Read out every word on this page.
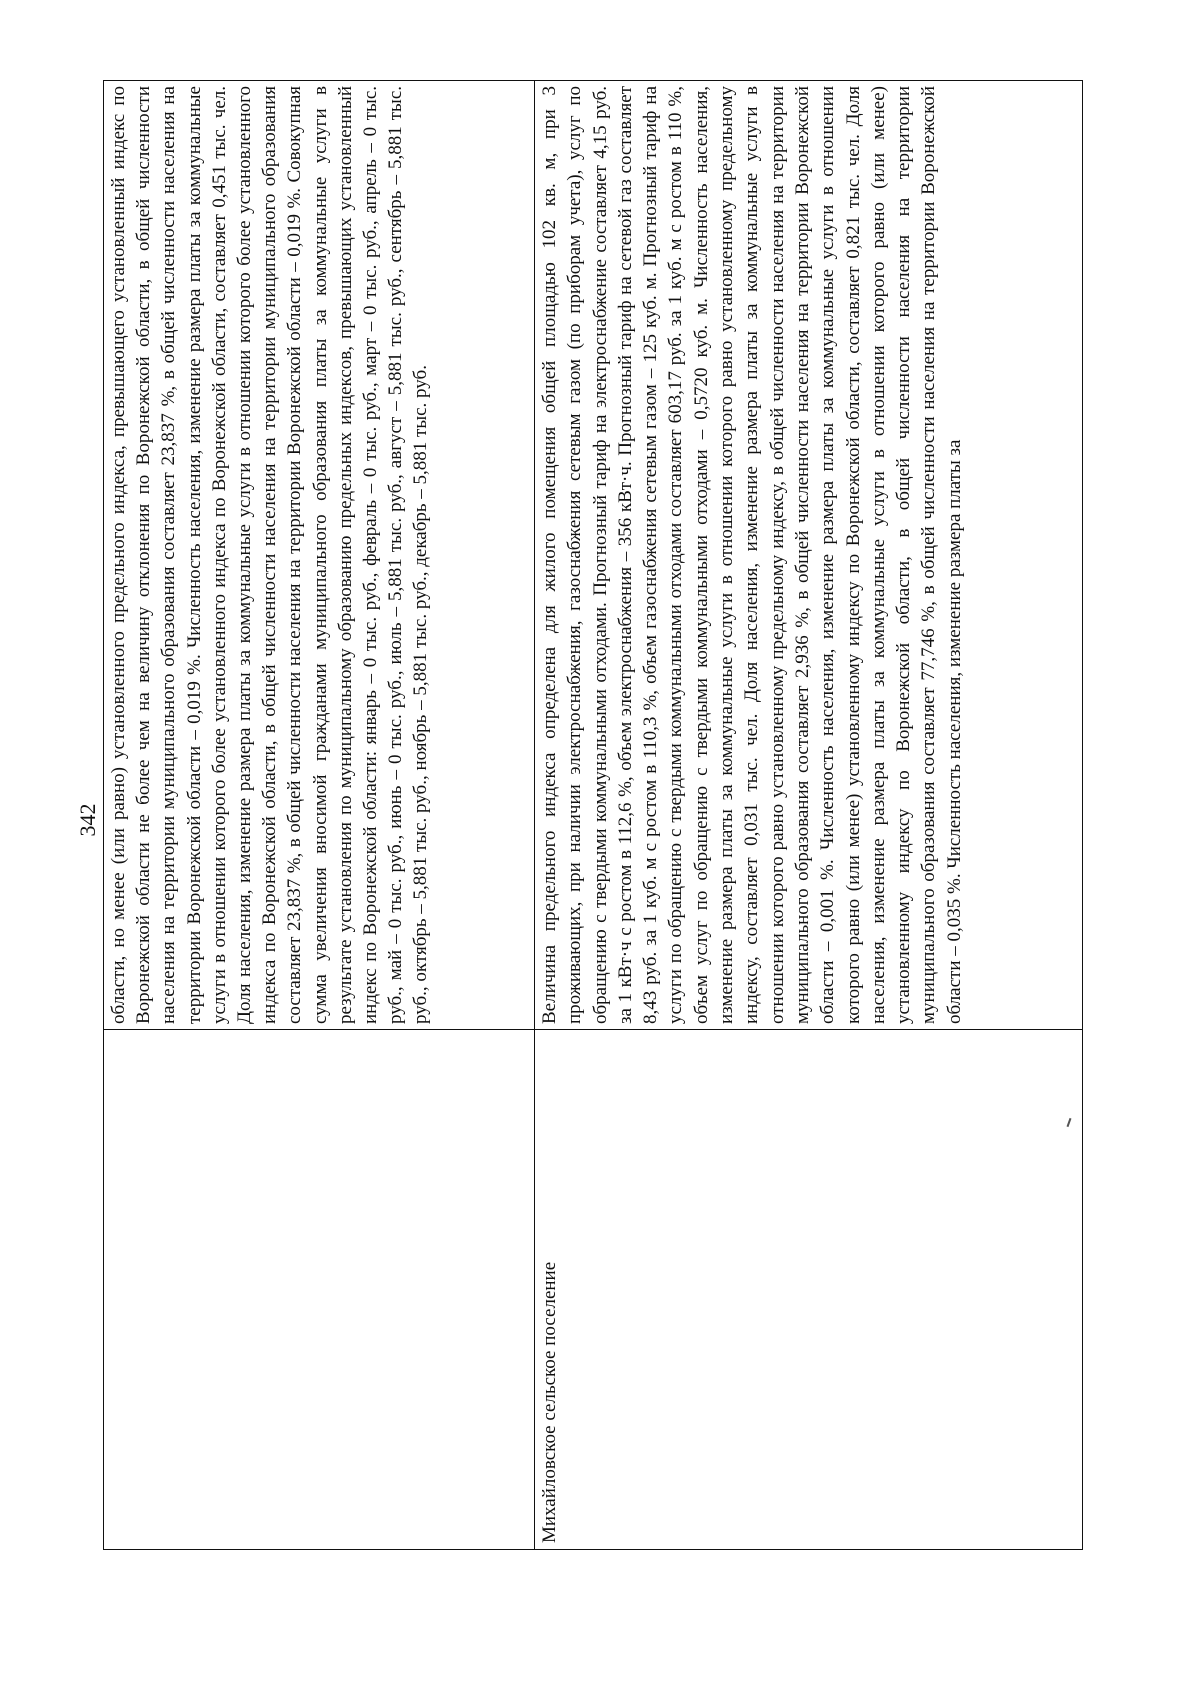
342 области, но менее (или равно) установленного предельного индекса, превышающего установленный индекс по Воронежской области не более чем на величину отклонения по Воронежской области, в общей численности населения на территории муниципального образования составляет 23,837 %, в общей численности населения на территории Воронежской области – 0,019 %. Численность населения, изменение размера платы за коммунальные услуги в отношении которого более установленного индекса по Воронежской области, составляет 0,451 тыс. чел. Доля населения, изменение размера платы за коммунальные услуги в отношении которого более установленного индекса по Воронежской области, в общей численности населения на территории муниципального образования составляет 23,837 %, в общей численности населения на территории Воронежской области – 0,019 %. Совокупная сумма увеличения вносимой гражданами муниципального образования платы за коммунальные услуги в результате установления по муниципальному образованию предельных индексов, превышающих установленный индекс по Воронежской области: январь – 0 тыс. руб., февраль – 0 тыс. руб., март – 0 тыс. руб., апрель – 0 тыс. руб., май – 0 тыс. руб., июнь – 0 тыс. руб., июль – 5,881 тыс. руб., август – 5,881 тыс. руб., сентябрь – 5,881 тыс. руб., октябрь – 5,881 тыс. руб., ноябрь – 5,881 тыс. руб., декабрь – 5,881 тыс. руб.
Михайловское сельское поселение
Величина предельного индекса определена для жилого помещения общей площадью 102 кв. м, при 3 проживающих, при наличии электроснабжения, газоснабжения сетевым газом (по приборам учета), услуг по обращению с твердыми коммунальными отходами. Прогнозный тариф на электроснабжение составляет 4,15 руб. за 1 кВт·ч с ростом в 112,6 %, объем электроснабжения – 356 кВт·ч. Прогнозный тариф на сетевой газ составляет 8,43 руб. за 1 куб. м с ростом в 110,3 %, объем газоснабжения сетевым газом – 125 куб. м. Прогнозный тариф на услуги по обращению с твердыми коммунальными отходами составляет 603,17 руб. за 1 куб. м с ростом в 110 %, объем услуг по обращению с твердыми коммунальными отходами – 0,5720 куб. м. Численность населения, изменение размера платы за коммунальные услуги в отношении которого равно установленному предельному индексу, составляет 0,031 тыс. чел. Доля населения, изменение размера платы за коммунальные услуги в отношении которого равно установленному предельному индексу, в общей численности населения на территории муниципального образования составляет 2,936 %, в общей численности населения на территории Воронежской области – 0,001 %. Численность населения, изменение размера платы за коммунальные услуги в отношении которого равно (или менее) установленному индексу по Воронежской области, составляет 0,821 тыс. чел. Доля населения, изменение размера платы за коммунальные услуги в отношении которого равно (или менее) установленному индексу по Воронежской области, в общей численности населения на территории муниципального образования составляет 77,746 %, в общей численности населения на территории Воронежской области – 0,035 %. Численность населения, изменение размера платы за
